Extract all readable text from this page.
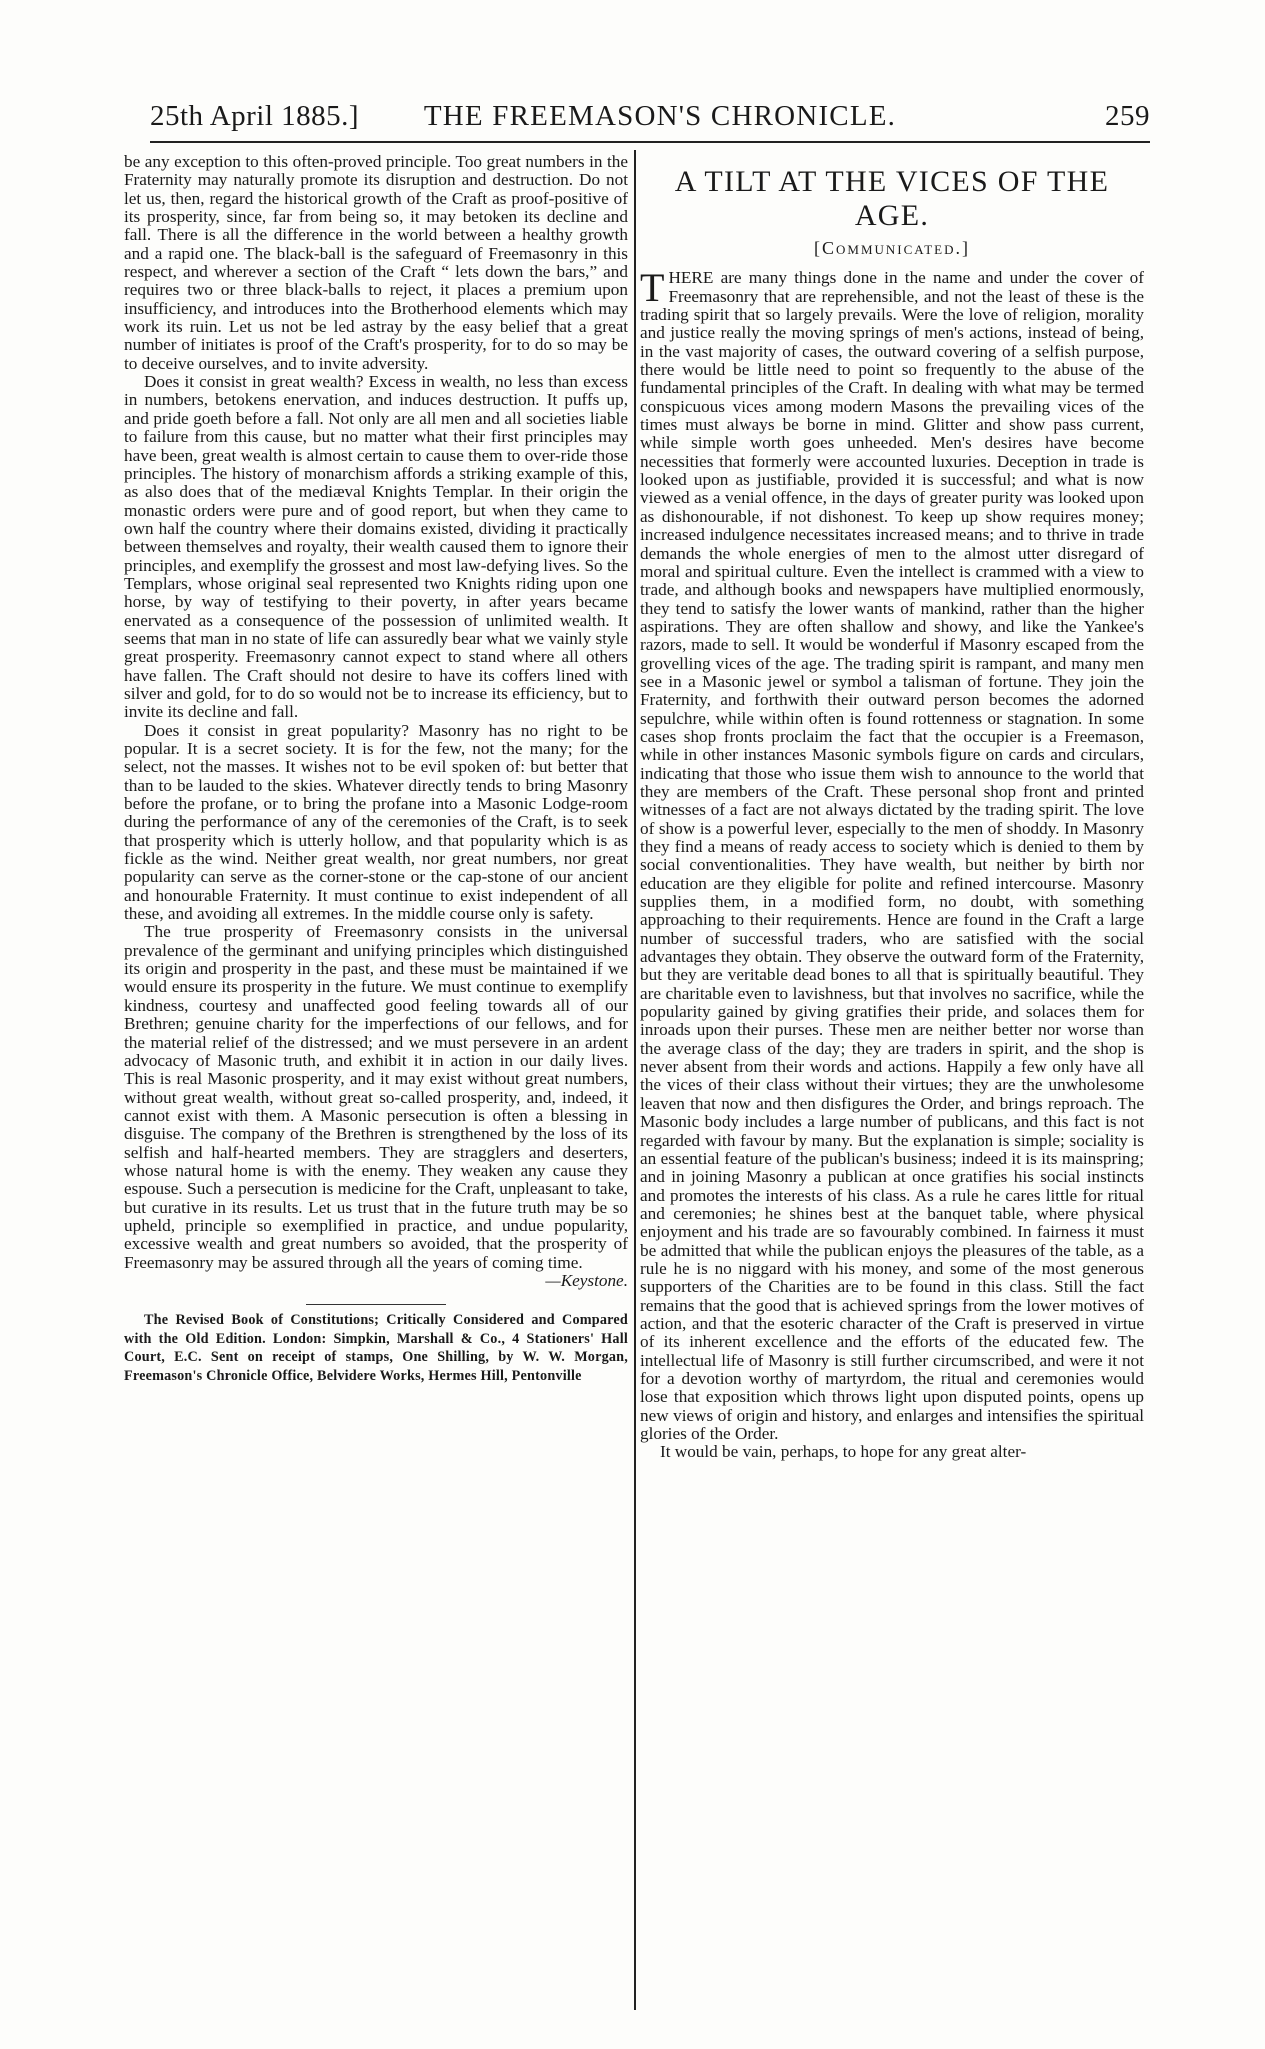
25th April 1885.]	THE FREEMASON'S CHRONICLE.	259

be any exception to this often-proved principle. Too great numbers in the Fraternity may naturally promote its disruption and destruction. Do not let us, then, regard the historical growth of the Craft as proof-positive of its prosperity, since, far from being so, it may betoken its decline and fall. There is all the difference in the world between a healthy growth and a rapid one. The black-ball is the safeguard of Freemasonry in this respect, and wherever a section of the Craft “ lets down the bars,” and requires two or three black-balls to reject, it places a premium upon insufficiency, and introduces into the Brotherhood elements which may work its ruin. Let us not be led astray by the easy belief that a great number of initiates is proof of the Craft's prosperity, for to do so may be to deceive ourselves, and to invite adversity.

Does it consist in great wealth? Excess in wealth, no less than excess in numbers, betokens enervation, and induces destruction. It puffs up, and pride goeth before a fall. Not only are all men and all societies liable to failure from this cause, but no matter what their first principles may have been, great wealth is almost certain to cause them to over-ride those principles. The history of monarchism affords a striking example of this, as also does that of the mediæval Knights Templar. In their origin the monastic orders were pure and of good report, but when they came to own half the country where their domains existed, dividing it practically between themselves and royalty, their wealth caused them to ignore their principles, and exemplify the grossest and most law-defying lives. So the Templars, whose original seal represented two Knights riding upon one horse, by way of testifying to their poverty, in after years became enervated as a consequence of the possession of unlimited wealth. It seems that man in no state of life can assuredly bear what we vainly style great prosperity. Freemasonry cannot expect to stand where all others have fallen. The Craft should not desire to have its coffers lined with silver and gold, for to do so would not be to increase its efficiency, but to invite its decline and fall.

Does it consist in great popularity? Masonry has no right to be popular. It is a secret society. It is for the few, not the many; for the select, not the masses. It wishes not to be evil spoken of: but better that than to be lauded to the skies. Whatever directly tends to bring Masonry before the profane, or to bring the profane into a Masonic Lodge-room during the performance of any of the ceremonies of the Craft, is to seek that prosperity which is utterly hollow, and that popularity which is as fickle as the wind. Neither great wealth, nor great numbers, nor great popularity can serve as the corner-stone or the cap-stone of our ancient and honourable Fraternity. It must continue to exist independent of all these, and avoiding all extremes. In the middle course only is safety.

The true prosperity of Freemasonry consists in the universal prevalence of the germinant and unifying principles which distinguished its origin and prosperity in the past, and these must be maintained if we would ensure its prosperity in the future. We must continue to exemplify kindness, courtesy and unaffected good feeling towards all of our Brethren; genuine charity for the imperfections of our fellows, and for the material relief of the distressed; and we must persevere in an ardent advocacy of Masonic truth, and exhibit it in action in our daily lives. This is real Masonic prosperity, and it may exist without great numbers, without great wealth, without great so-called prosperity, and, indeed, it cannot exist with them. A Masonic persecution is often a blessing in disguise. The company of the Brethren is strengthened by the loss of its selfish and half-hearted members. They are stragglers and deserters, whose natural home is with the enemy. They weaken any cause they espouse. Such a persecution is medicine for the Craft, unpleasant to take, but curative in its results. Let us trust that in the future truth may be so upheld, principle so exemplified in practice, and undue popularity, excessive wealth and great numbers so avoided, that the prosperity of Freemasonry may be assured through all the years of coming time.

—Keystone.

The Revised Book of Constitutions; Critically Considered and Compared with the Old Edition. London: Simpkin, Marshall & Co., 4 Stationers' Hall Court, E.C. Sent on receipt of stamps, One Shilling, by W. W. Morgan, Freemason's Chronicle Office, Belvidere Works, Hermes Hill, Pentonville

A TILT AT THE VICES OF THE AGE.
[Communicated.]

THERE are many things done in the name and under the cover of Freemasonry that are reprehensible, and not the least of these is the trading spirit that so largely prevails. Were the love of religion, morality and justice really the moving springs of men's actions, instead of being, in the vast majority of cases, the outward covering of a selfish purpose, there would be little need to point so frequently to the abuse of the fundamental principles of the Craft. In dealing with what may be termed conspicuous vices among modern Masons the prevailing vices of the times must always be borne in mind. Glitter and show pass current, while simple worth goes unheeded. Men's desires have become necessities that formerly were accounted luxuries. Deception in trade is looked upon as justifiable, provided it is successful; and what is now viewed as a venial offence, in the days of greater purity was looked upon as dishonourable, if not dishonest. To keep up show requires money; increased indulgence necessitates increased means; and to thrive in trade demands the whole energies of men to the almost utter disregard of moral and spiritual culture. Even the intellect is crammed with a view to trade, and although books and newspapers have multiplied enormously, they tend to satisfy the lower wants of mankind, rather than the higher aspirations. They are often shallow and showy, and like the Yankee's razors, made to sell. It would be wonderful if Masonry escaped from the grovelling vices of the age. The trading spirit is rampant, and many men see in a Masonic jewel or symbol a talisman of fortune. They join the Fraternity, and forthwith their outward person becomes the adorned sepulchre, while within often is found rottenness or stagnation. In some cases shop fronts proclaim the fact that the occupier is a Freemason, while in other instances Masonic symbols figure on cards and circulars, indicating that those who issue them wish to announce to the world that they are members of the Craft. These personal shop front and printed witnesses of a fact are not always dictated by the trading spirit. The love of show is a powerful lever, especially to the men of shoddy. In Masonry they find a means of ready access to society which is denied to them by social conventionalities. They have wealth, but neither by birth nor education are they eligible for polite and refined intercourse. Masonry supplies them, in a modified form, no doubt, with something approaching to their requirements. Hence are found in the Craft a large number of successful traders, who are satisfied with the social advantages they obtain. They observe the outward form of the Fraternity, but they are veritable dead bones to all that is spiritually beautiful. They are charitable even to lavishness, but that involves no sacrifice, while the popularity gained by giving gratifies their pride, and solaces them for inroads upon their purses. These men are neither better nor worse than the average class of the day; they are traders in spirit, and the shop is never absent from their words and actions. Happily a few only have all the vices of their class without their virtues; they are the unwholesome leaven that now and then disfigures the Order, and brings reproach. The Masonic body includes a large number of publicans, and this fact is not regarded with favour by many. But the explanation is simple; sociality is an essential feature of the publican's business; indeed it is its mainspring; and in joining Masonry a publican at once gratifies his social instincts and promotes the interests of his class. As a rule he cares little for ritual and ceremonies; he shines best at the banquet table, where physical enjoyment and his trade are so favourably combined. In fairness it must be admitted that while the publican enjoys the pleasures of the table, as a rule he is no niggard with his money, and some of the most generous supporters of the Charities are to be found in this class. Still the fact remains that the good that is achieved springs from the lower motives of action, and that the esoteric character of the Craft is preserved in virtue of its inherent excellence and the efforts of the educated few. The intellectual life of Masonry is still further circumscribed, and were it not for a devotion worthy of martyrdom, the ritual and ceremonies would lose that exposition which throws light upon disputed points, opens up new views of origin and history, and enlarges and intensifies the spiritual glories of the Order.

It would be vain, perhaps, to hope for any great alter-
